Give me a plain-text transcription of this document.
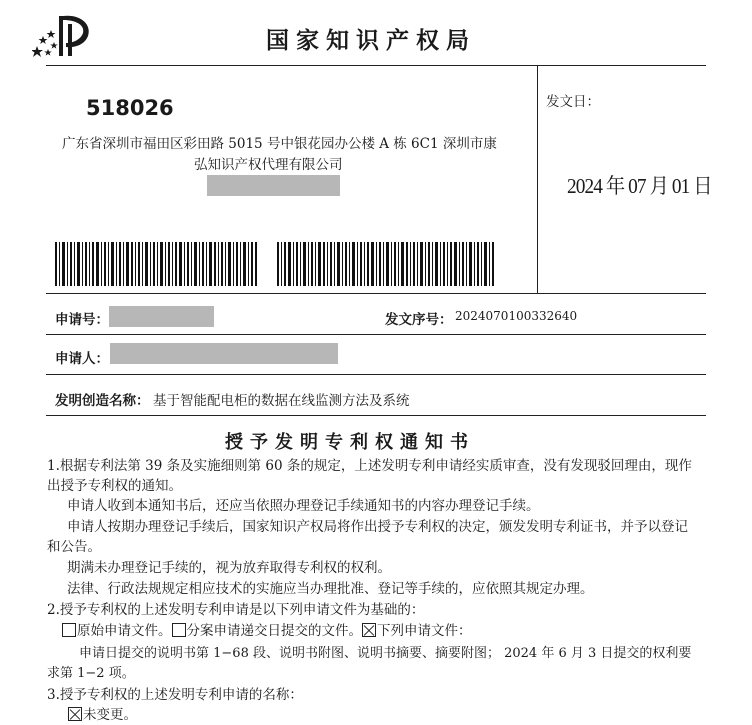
国家知识产权局
518026
广东省深圳市福田区彩田路 5015 号中银花园办公楼 A 栋 6C1 深圳市康
弘知识产权代理有限公司
发文日：
2024 年 07 月 01 日
申请号：	发文序号： 2024070100332640
申请人：
发明创造名称： 基于智能配电柜的数据在线监测方法及系统
授予发明专利权通知书
1.根据专利法第 39 条及实施细则第 60 条的规定，上述发明专利申请经实质审查，没有发现驳回理由，现作
出授予专利权的通知。
申请人收到本通知书后，还应当依照办理登记手续通知书的内容办理登记手续。
申请人按期办理登记手续后，国家知识产权局将作出授予专利权的决定，颁发发明专利证书，并予以登记
和公告。
期满未办理登记手续的，视为放弃取得专利权的权利。
法律、行政法规规定相应技术的实施应当办理批准、登记等手续的，应依照其规定办理。
2.授予专利权的上述发明专利申请是以下列申请文件为基础的：
原始申请文件。 分案申请递交日提交的文件。 下列申请文件：
申请日提交的说明书第 1−68 段、说明书附图、说明书摘要、摘要附图； 2024 年 6 月 3 日提交的权利要
求第 1−2 项。
3.授予专利权的上述发明专利申请的名称：
未变更。
